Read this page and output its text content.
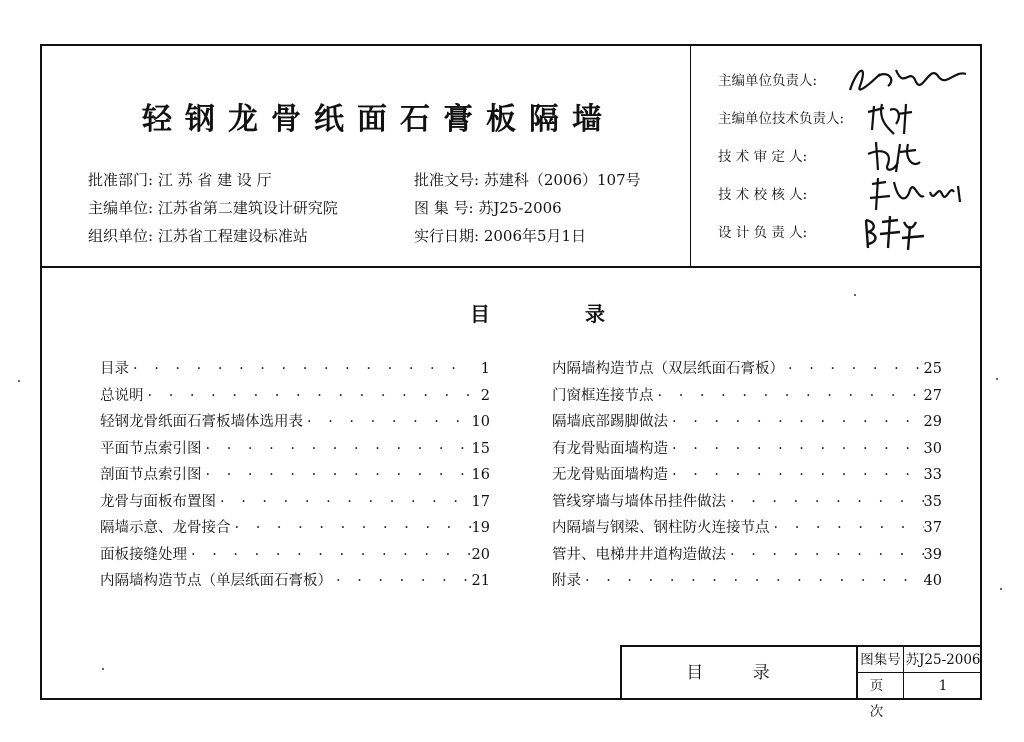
轻钢龙骨纸面石膏板隔墙
批准部门: 江 苏 省 建 设 厅
主编单位: 江苏省第二建筑设计研究院
组织单位: 江苏省工程建设标准站
批准文号: 苏建科（2006）107号
图 集 号: 苏J25-2006
实行日期: 2006年5月1日
主编单位负责人:
主编单位技术负责人:
技 术 审 定 人:
技 术 校 核 人:
设 计 负 责 人:
目 录
目录 · · ·	1
总说明 · · ·	2
轻钢龙骨纸面石膏板墙体选用表 · · ·	10
平面节点索引图 · · ·	15
剖面节点索引图 · · ·	16
龙骨与面板布置图 · · ·	17
隔墙示意、龙骨接合 · · ·	19
面板接缝处理 · · ·	20
内隔墙构造节点（单层纸面石膏板） · · ·	21
内隔墙构造节点（双层纸面石膏板） · · ·	25
门窗框连接节点 · · ·	27
隔墙底部踢脚做法 · · ·	29
有龙骨贴面墙构造 · · ·	30
无龙骨贴面墙构造 · · ·	33
管线穿墙与墙体吊挂件做法 · · ·	35
内隔墙与钢梁、钢柱防火连接节点 · · ·	37
管井、电梯井井道构造做法 · · ·	39
附录 · · ·	40
目 录
图集号 苏J25-2006
页 次
1
